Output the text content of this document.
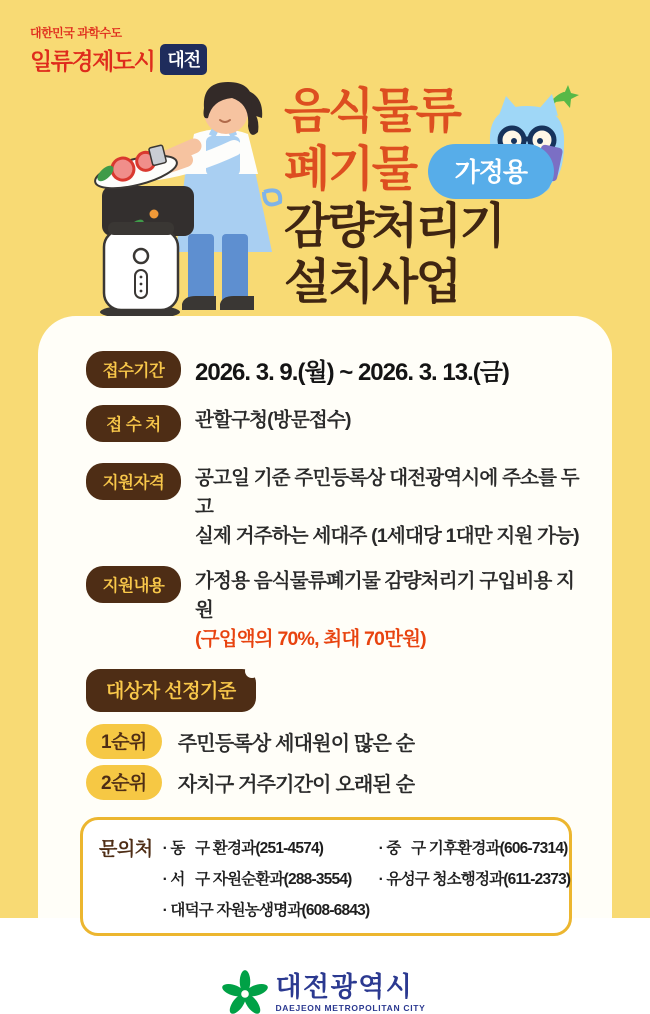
대한민국 과학수도
일류경제도시 대전
음식물류
폐기물	가정용
감량처리기
설치사업
접수기간	2026. 3. 9.(월) ~ 2026. 3. 13.(금)
접 수 처	관할구청(방문접수)
지원자격	공고일 기준 주민등록상 대전광역시에 주소를 두고
실제 거주하는 세대주 (1세대당 1대만 지원 가능)
지원내용	가정용 음식물류폐기물 감량처리기 구입비용 지원
(구입액의 70%, 최대 70만원)
대상자 선정기준
1순위	주민등록상 세대원이 많은 순
2순위	자치구 거주기간이 오래된 순
문의처 · 동   구 환경과(251-4574)	· 중   구 기후환경과(606-7314)
· 서   구 자원순환과(288-3554)	· 유성구 청소행정과(611-2373)
· 대덕구 자원농생명과(608-6843)
대전광역시
DAEJEON METROPOLITAN CITY
